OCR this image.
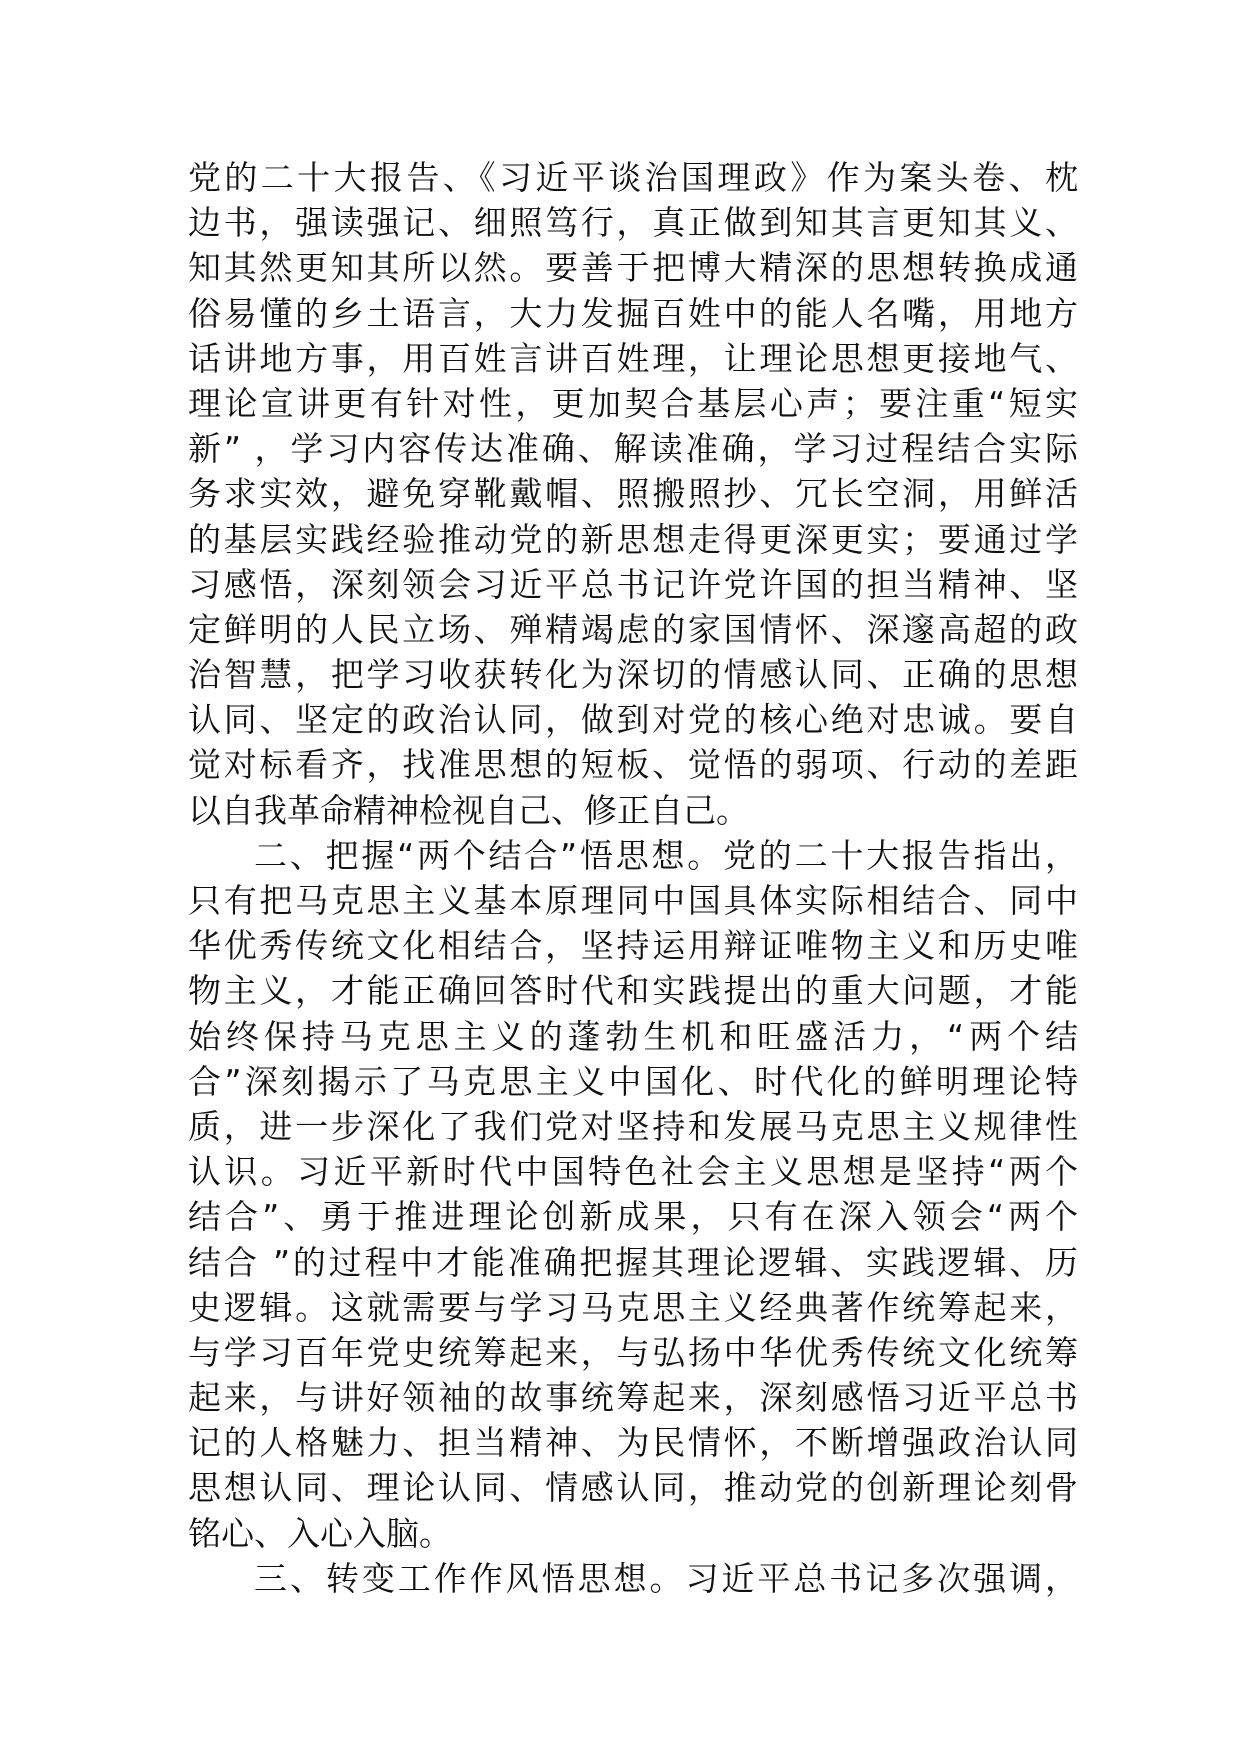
党的二十大报告、《习近平谈治国理政》作为案头卷、枕
边书，强读强记、细照笃行，真正做到知其言更知其义、
知其然更知其所以然。要善于把博大精深的思想转换成通
俗易懂的乡土语言，大力发掘百姓中的能人名嘴，用地方
话讲地方事，用百姓言讲百姓理，让理论思想更接地气、
理论宣讲更有针对性，更加契合基层心声；要注重“短实
新” ，学习内容传达准确、解读准确，学习过程结合实际
务求实效，避免穿靴戴帽、照搬照抄、冗长空洞，用鲜活
的基层实践经验推动党的新思想走得更深更实；要通过学
习感悟，深刻领会习近平总书记许党许国的担当精神、坚
定鲜明的人民立场、殚精竭虑的家国情怀、深邃高超的政
治智慧，把学习收获转化为深切的情感认同、正确的思想
认同、坚定的政治认同，做到对党的核心绝对忠诚。要自
觉对标看齐，找准思想的短板、觉悟的弱项、行动的差距
以自我革命精神检视自己、修正自己。
二、把握“两个结合”悟思想。党的二十大报告指出，
只有把马克思主义基本原理同中国具体实际相结合、同中
华优秀传统文化相结合，坚持运用辩证唯物主义和历史唯
物主义，才能正确回答时代和实践提出的重大问题，才能
始终保持马克思主义的蓬勃生机和旺盛活力，“两个结
合”深刻揭示了马克思主义中国化、时代化的鲜明理论特
质，进一步深化了我们党对坚持和发展马克思主义规律性
认识。习近平新时代中国特色社会主义思想是坚持“两个
结合”、勇于推进理论创新成果，只有在深入领会“两个
结合 ”的过程中才能准确把握其理论逻辑、实践逻辑、历
史逻辑。这就需要与学习马克思主义经典著作统筹起来，
与学习百年党史统筹起来，与弘扬中华优秀传统文化统筹
起来，与讲好领袖的故事统筹起来，深刻感悟习近平总书
记的人格魅力、担当精神、为民情怀，不断增强政治认同
思想认同、理论认同、情感认同，推动党的创新理论刻骨
铭心、入心入脑。
三、转变工作作风悟思想。习近平总书记多次强调，
